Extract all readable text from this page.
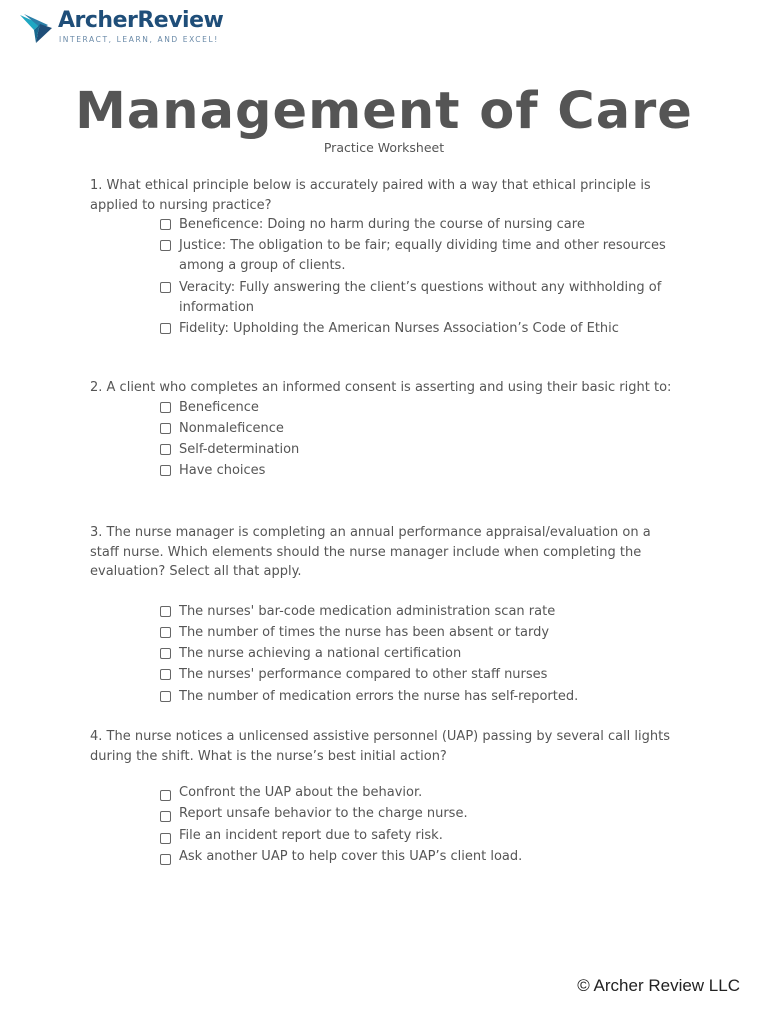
ArcherReview
INTERACT, LEARN, AND EXCEL!
Management of Care

Practice Worksheet

1. What ethical principle below is accurately paired with a way that ethical principle is applied to nursing practice?

Beneficence: Doing no harm during the course of nursing care
Justice: The obligation to be fair; equally dividing time and other resources among a group of clients.
Veracity: Fully answering the client’s questions without any withholding of information
Fidelity: Upholding the American Nurses Association’s Code of Ethic

2. A client who completes an informed consent is asserting and using their basic right to:

Beneficence
Nonmaleficence
Self-determination
Have choices

3. The nurse manager is completing an annual performance appraisal/evaluation on a staff nurse. Which elements should the nurse manager include when completing the evaluation? Select all that apply.

The nurses' bar-code medication administration scan rate
The number of times the nurse has been absent or tardy
The nurse achieving a national certification
The nurses' performance compared to other staff nurses
The number of medication errors the nurse has self-reported.

4. The nurse notices a unlicensed assistive personnel (UAP) passing by several call lights during the shift. What is the nurse’s best initial action?

Confront the UAP about the behavior.
Report unsafe behavior to the charge nurse.
File an incident report due to safety risk.
Ask another UAP to help cover this UAP’s client load.
© Archer Review LLC
